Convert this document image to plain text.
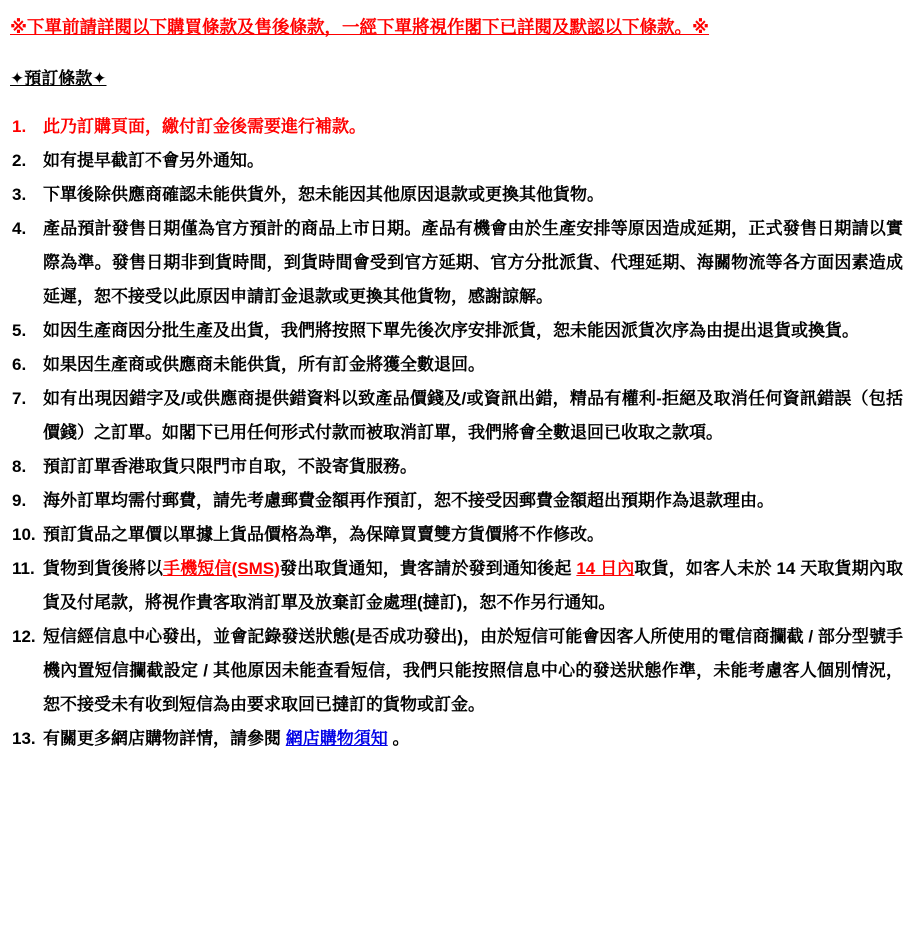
※下單前請詳閱以下購買條款及售後條款，一經下單將視作閣下已詳閱及默認以下條款。※
✦預訂條款✦
1. 此乃訂購頁面，繳付訂金後需要進行補款。
2. 如有提早截訂不會另外通知。
3. 下單後除供應商確認未能供貨外，恕未能因其他原因退款或更換其他貨物。
4. 產品預計發售日期僅為官方預計的商品上市日期。產品有機會由於生產安排等原因造成延期，正式發售日期請以實際為準。發售日期非到貨時間，到貨時間會受到官方延期、官方分批派貨、代理延期、海關物流等各方面因素造成延遲，恕不接受以此原因申請訂金退款或更換其他貨物，感謝諒解。
5. 如因生產商因分批生產及出貨，我們將按照下單先後次序安排派貨，恕未能因派貨次序為由提出退貨或換貨。
6. 如果因生產商或供應商未能供貨，所有訂金將獲全數退回。
7. 如有出現因錯字及/或供應商提供錯資料以致產品價錢及/或資訊出錯，精品有權利-拒絕及取消任何資訊錯誤（包括價錢）之訂單。如閣下已用任何形式付款而被取消訂單，我們將會全數退回已收取之款項。
8. 預訂訂單香港取貨只限門市自取，不設寄貨服務。
9. 海外訂單均需付郵費，請先考慮郵費金額再作預訂，恕不接受因郵費金額超出預期作為退款理由。
10. 預訂貨品之單價以單據上貨品價格為準，為保障買賣雙方貨價將不作修改。
11. 貨物到貨後將以手機短信(SMS)發出取貨通知，貴客請於發到通知後起 14 日內取貨，如客人未於 14 天取貨期內取貨及付尾款，將視作貴客取消訂單及放棄訂金處理(撻訂)，恕不作另行通知。
12. 短信經信息中心發出，並會記錄發送狀態(是否成功發出)，由於短信可能會因客人所使用的電信商攔截 / 部分型號手機內置短信攔截設定 / 其他原因未能查看短信，我們只能按照信息中心的發送狀態作準，未能考慮客人個別情況，恕不接受未有收到短信為由要求取回已撻訂的貨物或訂金。
13. 有關更多網店購物詳情，請參閱 網店購物須知 。
